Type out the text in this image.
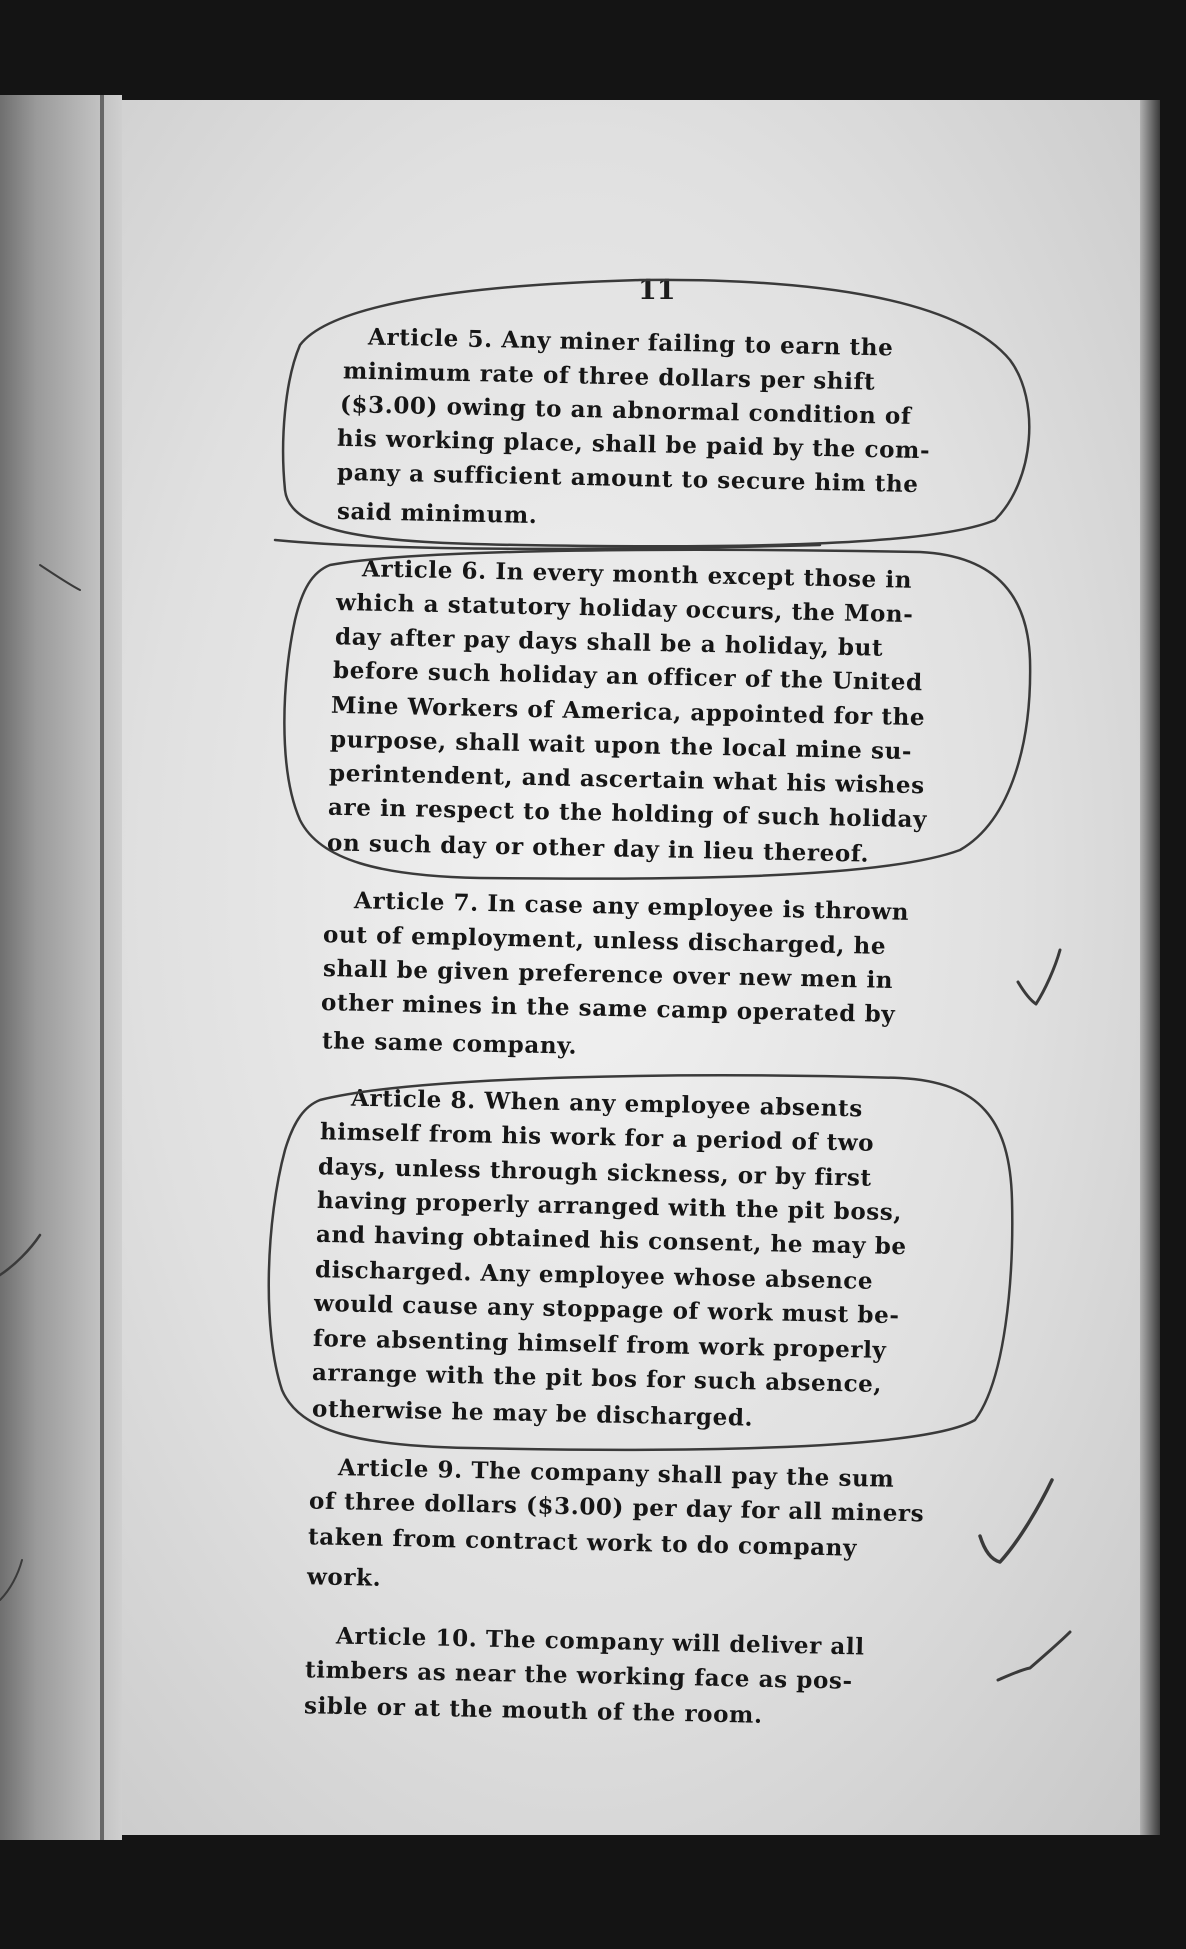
11
Article 5. Any miner failing to earn the
minimum rate of three dollars per shift
($3.00) owing to an abnormal condition of
his working place, shall be paid by the com-
pany a sufficient amount to secure him the
said minimum.
Article 6. In every month except those in
which a statutory holiday occurs, the Mon-
day after pay days shall be a holiday, but
before such holiday an officer of the United
Mine Workers of America, appointed for the
purpose, shall wait upon the local mine su-
perintendent, and ascertain what his wishes
are in respect to the holding of such holiday
on such day or other day in lieu thereof.
Article 7. In case any employee is thrown
out of employment, unless discharged, he
shall be given preference over new men in
other mines in the same camp operated by
the same company.
Article 8. When any employee absents
himself from his work for a period of two
days, unless through sickness, or by first
having properly arranged with the pit boss,
and having obtained his consent, he may be
discharged. Any employee whose absence
would cause any stoppage of work must be-
fore absenting himself from work properly
arrange with the pit bos for such absence,
otherwise he may be discharged.
Article 9. The company shall pay the sum
of three dollars ($3.00) per day for all miners
taken from contract work to do company
work.
Article 10. The company will deliver all
timbers as near the working face as pos-
sible or at the mouth of the room.
